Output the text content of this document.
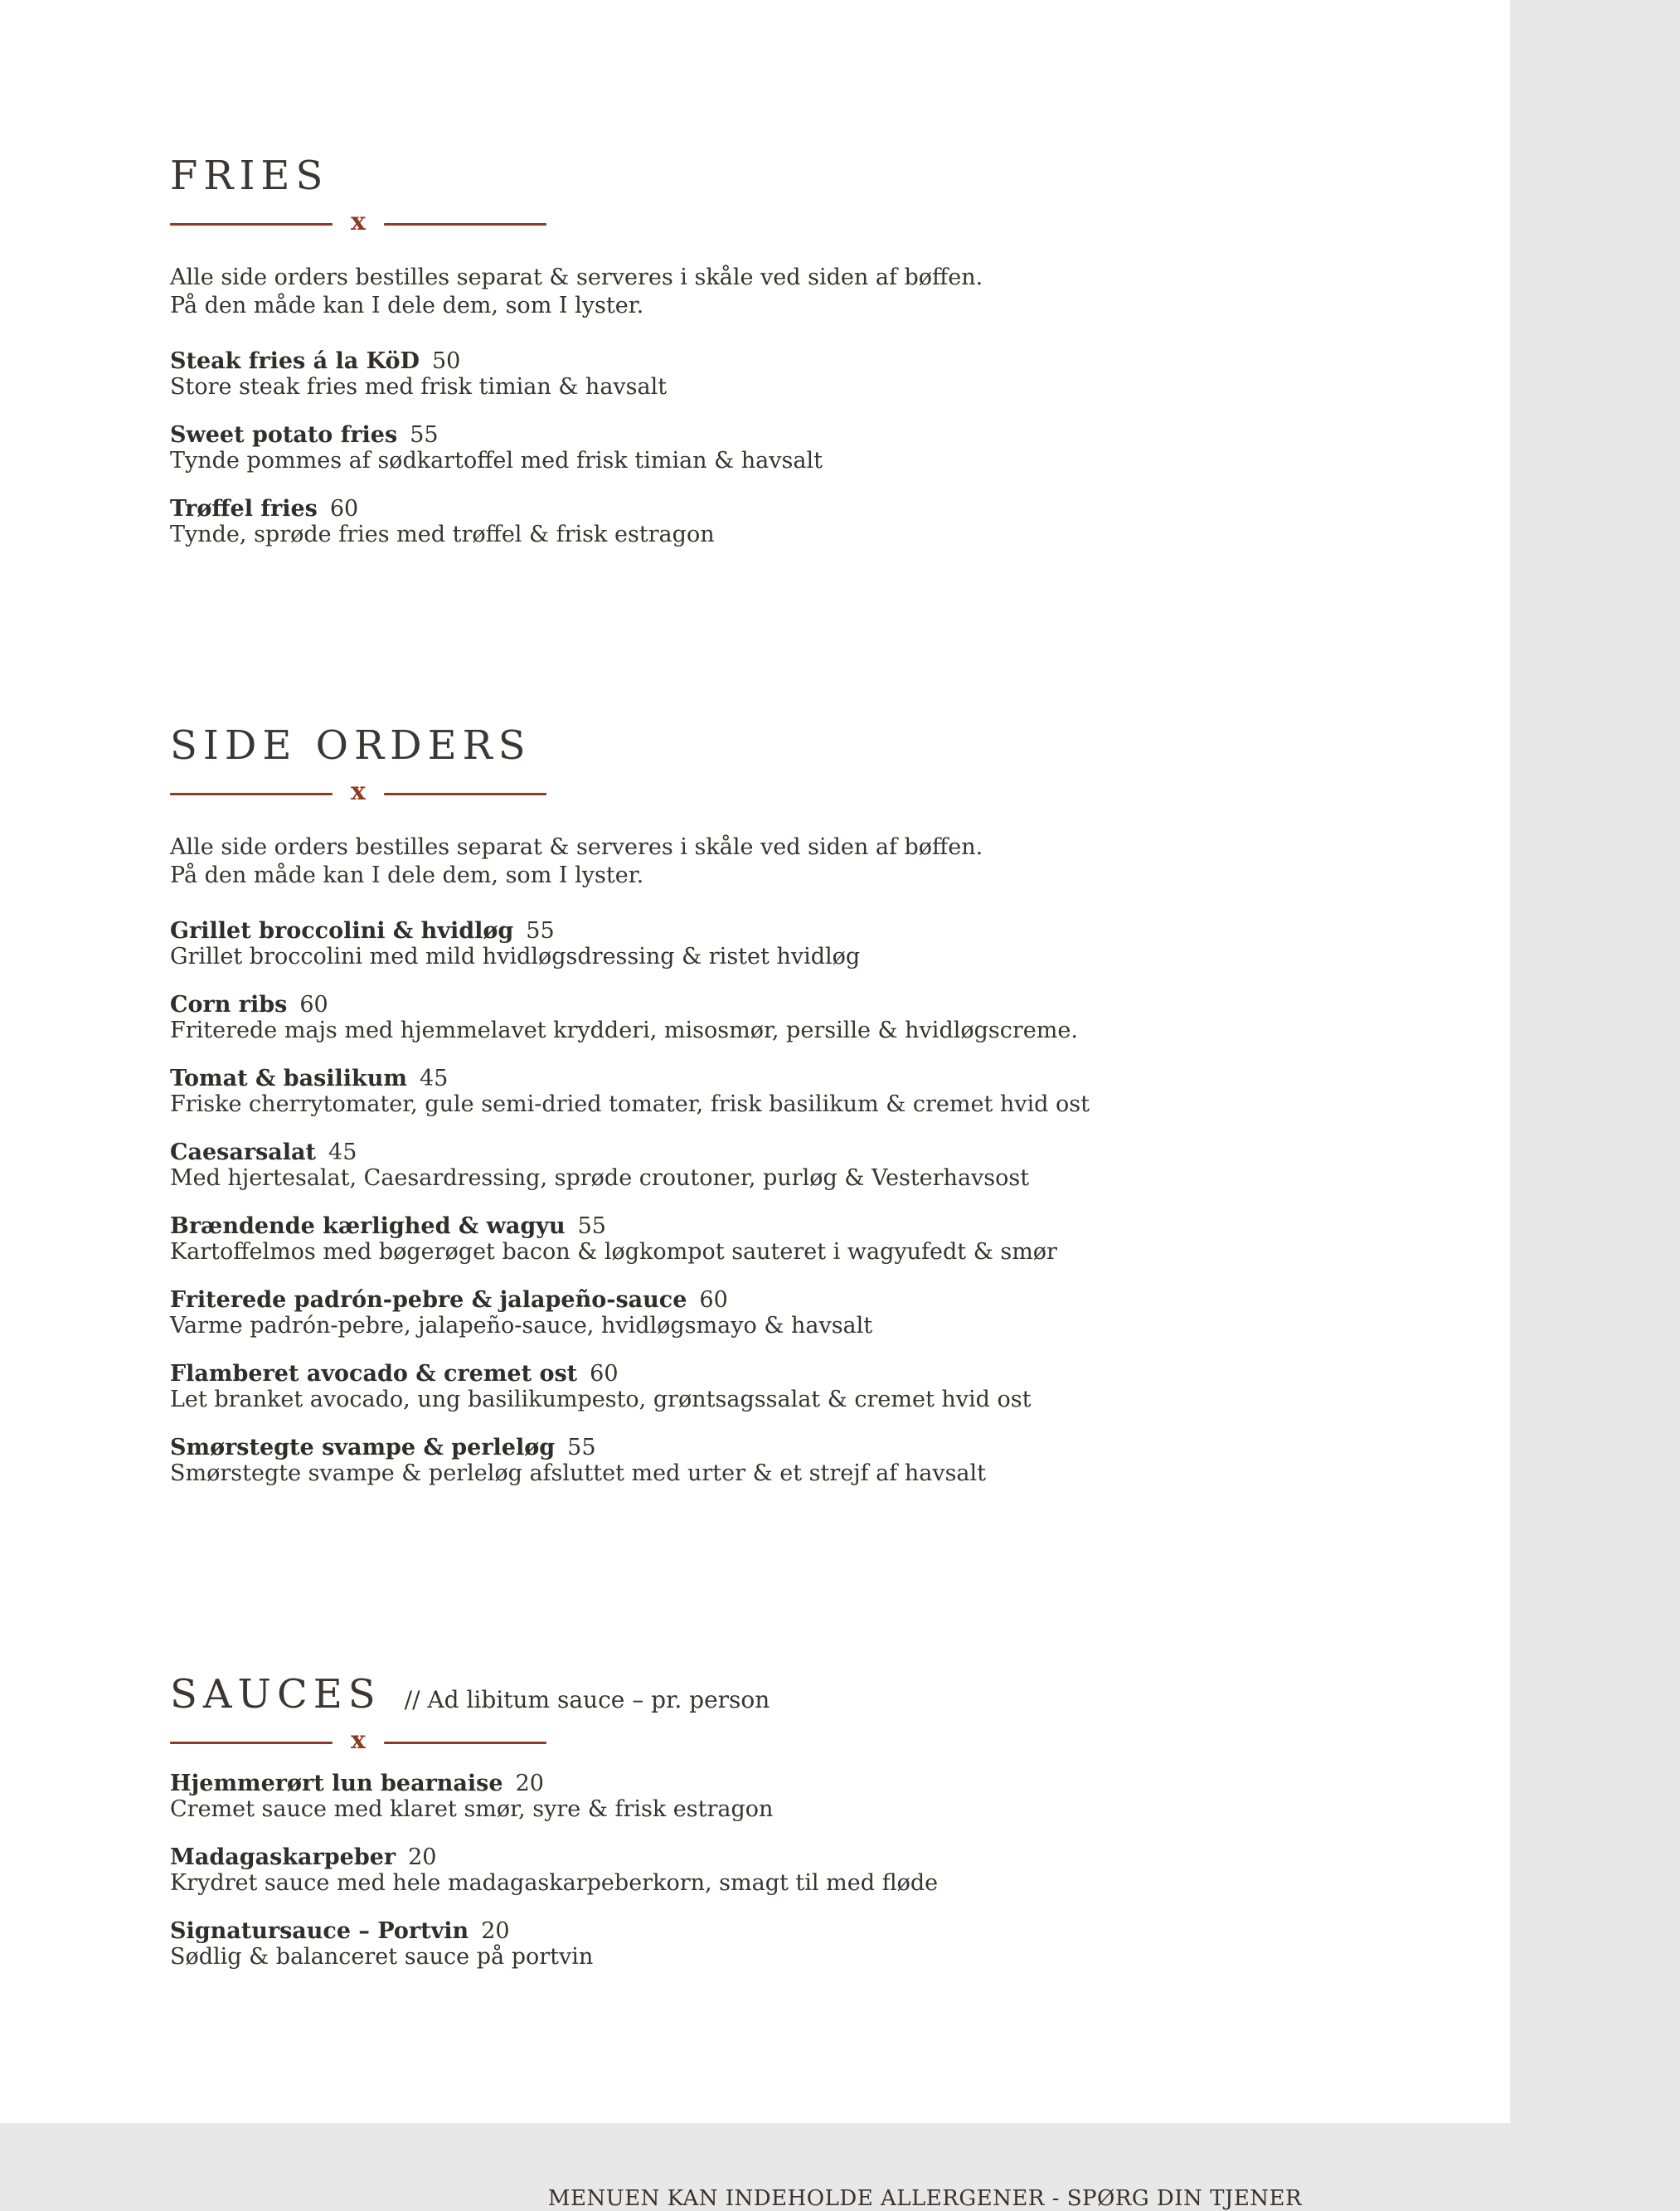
FRIES
x
Alle side orders bestilles separat & serveres i skåle ved siden af bøffen.
På den måde kan I dele dem, som I lyster.
Steak fries á la KöD 50
Store steak fries med frisk timian & havsalt
Sweet potato fries 55
Tynde pommes af sødkartoffel med frisk timian & havsalt
Trøffel fries 60
Tynde, sprøde fries med trøffel & frisk estragon
SIDE ORDERS
x
Alle side orders bestilles separat & serveres i skåle ved siden af bøffen.
På den måde kan I dele dem, som I lyster.
Grillet broccolini & hvidløg 55
Grillet broccolini med mild hvidløgsdressing & ristet hvidløg
Corn ribs 60
Friterede majs med hjemmelavet krydderi, misosmør, persille & hvidløgscreme.
Tomat & basilikum 45
Friske cherrytomater, gule semi-dried tomater, frisk basilikum & cremet hvid ost
Caesarsalat 45
Med hjertesalat, Caesardressing, sprøde croutoner, purløg & Vesterhavsost
Brændende kærlighed & wagyu 55
Kartoffelmos med bøgerøget bacon & løgkompot sauteret i wagyufedt & smør
Friterede padrón-pebre & jalapeño-sauce 60
Varme padrón-pebre, jalapeño-sauce, hvidløgsmayo & havsalt
Flamberet avocado & cremet ost 60
Let branket avocado, ung basilikumpesto, grøntsagssalat & cremet hvid ost
Smørstegte svampe & perleløg 55
Smørstegte svampe & perleløg afsluttet med urter & et strejf af havsalt
SAUCES // Ad libitum sauce – pr. person
x
Hjemmerørt lun bearnaise 20
Cremet sauce med klaret smør, syre & frisk estragon
Madagaskarpeber 20
Krydret sauce med hele madagaskarpeberkorn, smagt til med fløde
Signatursauce – Portvin 20
Sødlig & balanceret sauce på portvin
MENUEN KAN INDEHOLDE ALLERGENER - SPØRG DIN TJENER
